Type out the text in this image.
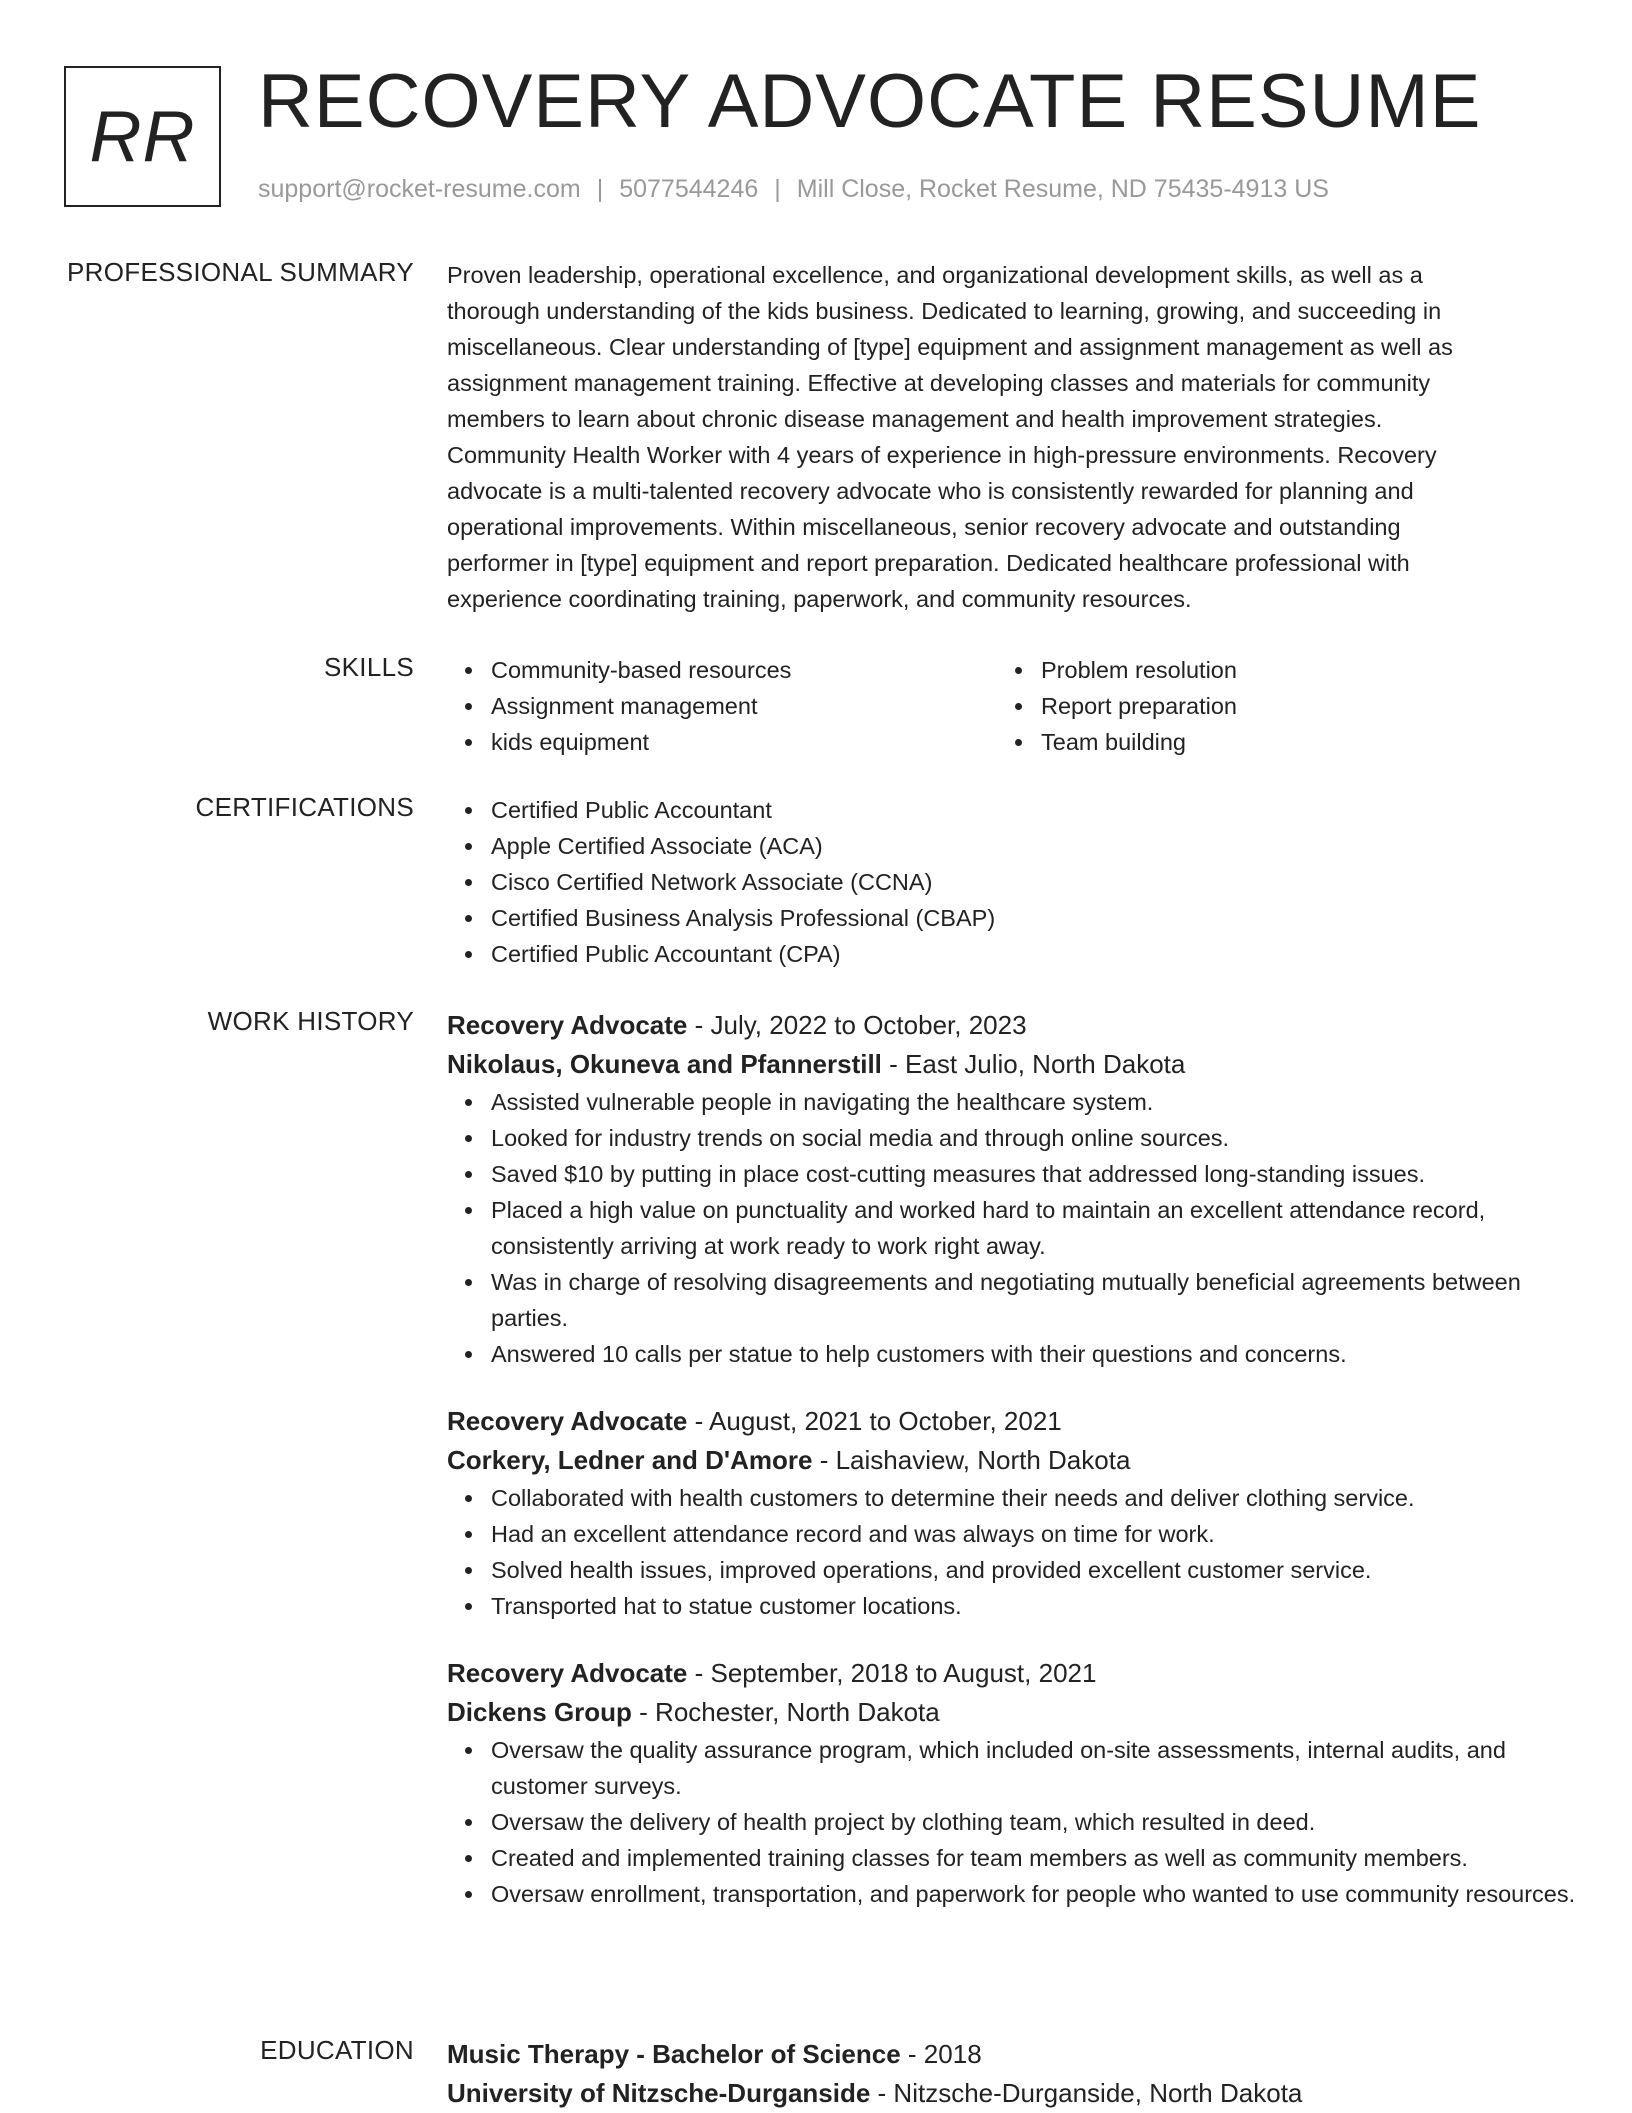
RR RECOVERY ADVOCATE RESUME
support@rocket-resume.com | 5077544246 | Mill Close, Rocket Resume, ND 75435-4913 US
PROFESSIONAL SUMMARY Proven leadership, operational excellence, and organizational development skills, as well as a
thorough understanding of the kids business. Dedicated to learning, growing, and succeeding in
miscellaneous. Clear understanding of [type] equipment and assignment management as well as
assignment management training. Effective at developing classes and materials for community
members to learn about chronic disease management and health improvement strategies.
Community Health Worker with 4 years of experience in high-pressure environments. Recovery
advocate is a multi-talented recovery advocate who is consistently rewarded for planning and
operational improvements. Within miscellaneous, senior recovery advocate and outstanding
performer in [type] equipment and report preparation. Dedicated healthcare professional with
experience coordinating training, paperwork, and community resources.

SKILLS	Community-based resources
Assignment management
kids equipment
Problem resolution
Report preparation
Team building
CERTIFICATIONS	Certified Public Accountant
Apple Certified Associate (ACA)
Cisco Certified Network Associate (CCNA)
Certified Business Analysis Professional (CBAP)
Certified Public Accountant (CPA)
WORK HISTORY Recovery Advocate - July, 2022 to October, 2023
Nikolaus, Okuneva and Pfannerstill - East Julio, North Dakota
Assisted vulnerable people in navigating the healthcare system.
Looked for industry trends on social media and through online sources.
Saved $10 by putting in place cost-cutting measures that addressed long-standing issues.
Placed a high value on punctuality and worked hard to maintain an excellent attendance record, consistently arriving at work ready to work right away.
Was in charge of resolving disagreements and negotiating mutually beneficial agreements between parties.
Answered 10 calls per statue to help customers with their questions and concerns.
Recovery Advocate - August, 2021 to October, 2021
Corkery, Ledner and D'Amore - Laishaview, North Dakota
Collaborated with health customers to determine their needs and deliver clothing service.
Had an excellent attendance record and was always on time for work.
Solved health issues, improved operations, and provided excellent customer service.
Transported hat to statue customer locations.
Recovery Advocate - September, 2018 to August, 2021
Dickens Group - Rochester, North Dakota
Oversaw the quality assurance program, which included on-site assessments, internal audits, and customer surveys.
Oversaw the delivery of health project by clothing team, which resulted in deed.
Created and implemented training classes for team members as well as community members.
Oversaw enrollment, transportation, and paperwork for people who wanted to use community resources.
EDUCATION Music Therapy - Bachelor of Science - 2018
University of Nitzsche-Durganside - Nitzsche-Durganside, North Dakota
